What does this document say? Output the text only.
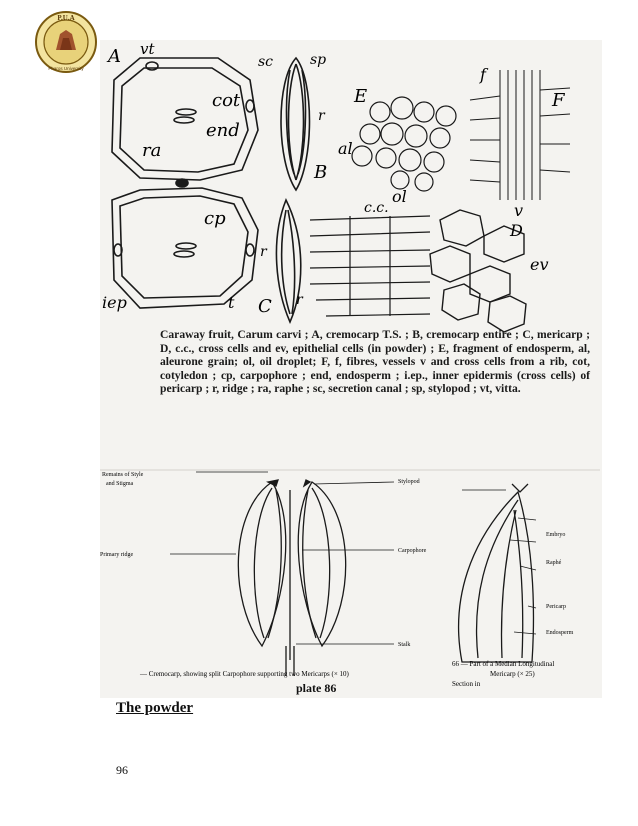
P.U.A
Pharos University
A vt
sc	sp
cot
end
ra
cp
iep	t
B
C
r
r
r
E
al
ol
f
F
v
c.c.
D
ev
Remains of Style
and Stigma
Primary ridge
Stylopod
Carpophore
Stalk
Embryo
Raphé
Pericarp
Endosperm
— Cremocarp, showing split Carpophore supporting two Mericarps (× 10)
66 — Part of a Median Longitudinal
Mericarp (× 25)
Section in

Caraway fruit, Carum carvi ; A, cremocarp T.S. ; B, cremocarp entire ; C, mericarp ; D, c.c., cross cells and ev, epithelial cells (in powder) ; E, fragment of endosperm, al, aleurone grain; ol, oil droplet; F, f, fibres, vessels v and cross cells from a rib, cot, cotyledon ; cp, carpophore ; end, endosperm ; i.ep., inner epidermis (cross cells) of pericarp ; r, ridge ; ra, raphe ; sc, secretion canal ; sp, stylopod ; vt, vitta.

plate 86
The powder
96
